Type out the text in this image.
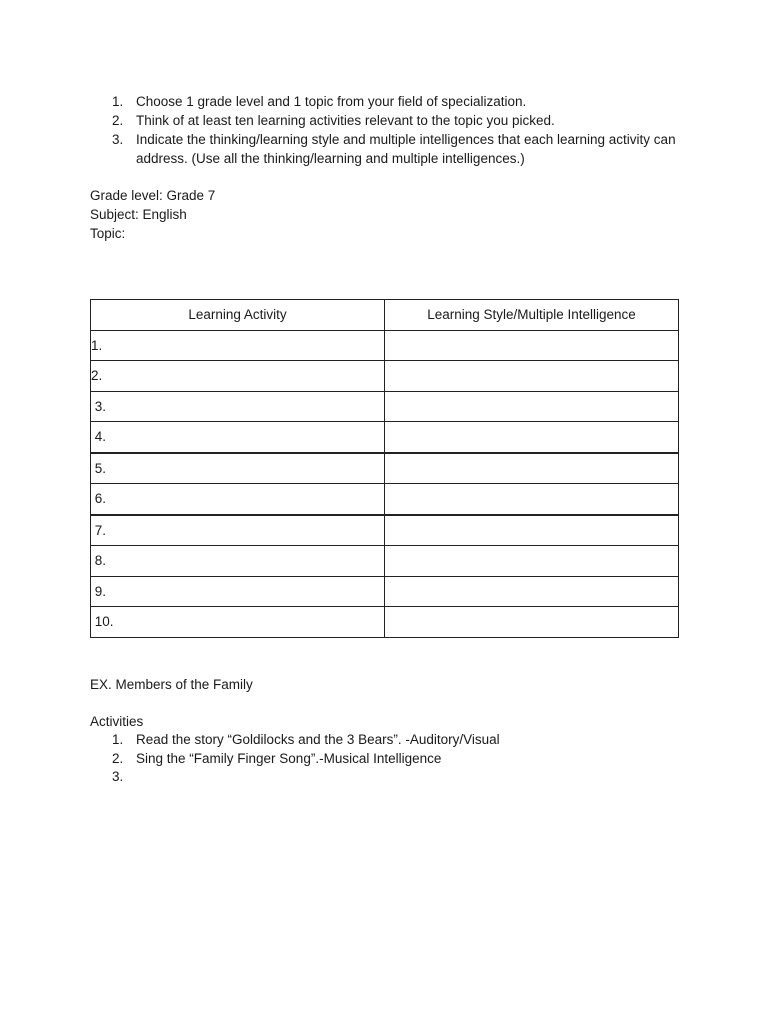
1. Choose 1 grade level and 1 topic from your field of specialization.
2. Think of at least ten learning activities relevant to the topic you picked.
3. Indicate the thinking/learning style and multiple intelligences that each learning activity can address. (Use all the thinking/learning and multiple intelligences.)
Grade level: Grade 7
Subject: English
Topic:
Learning Activity	Learning Style/Multiple Intelligence
1.	
2.	
3.	
4.	
5.	
6.	
7.	
8.	
9.	
10.	
EX. Members of the Family
Activities
1. Read the story “Goldilocks and the 3 Bears”. -Auditory/Visual
2. Sing the “Family Finger Song”.-Musical Intelligence
3.
